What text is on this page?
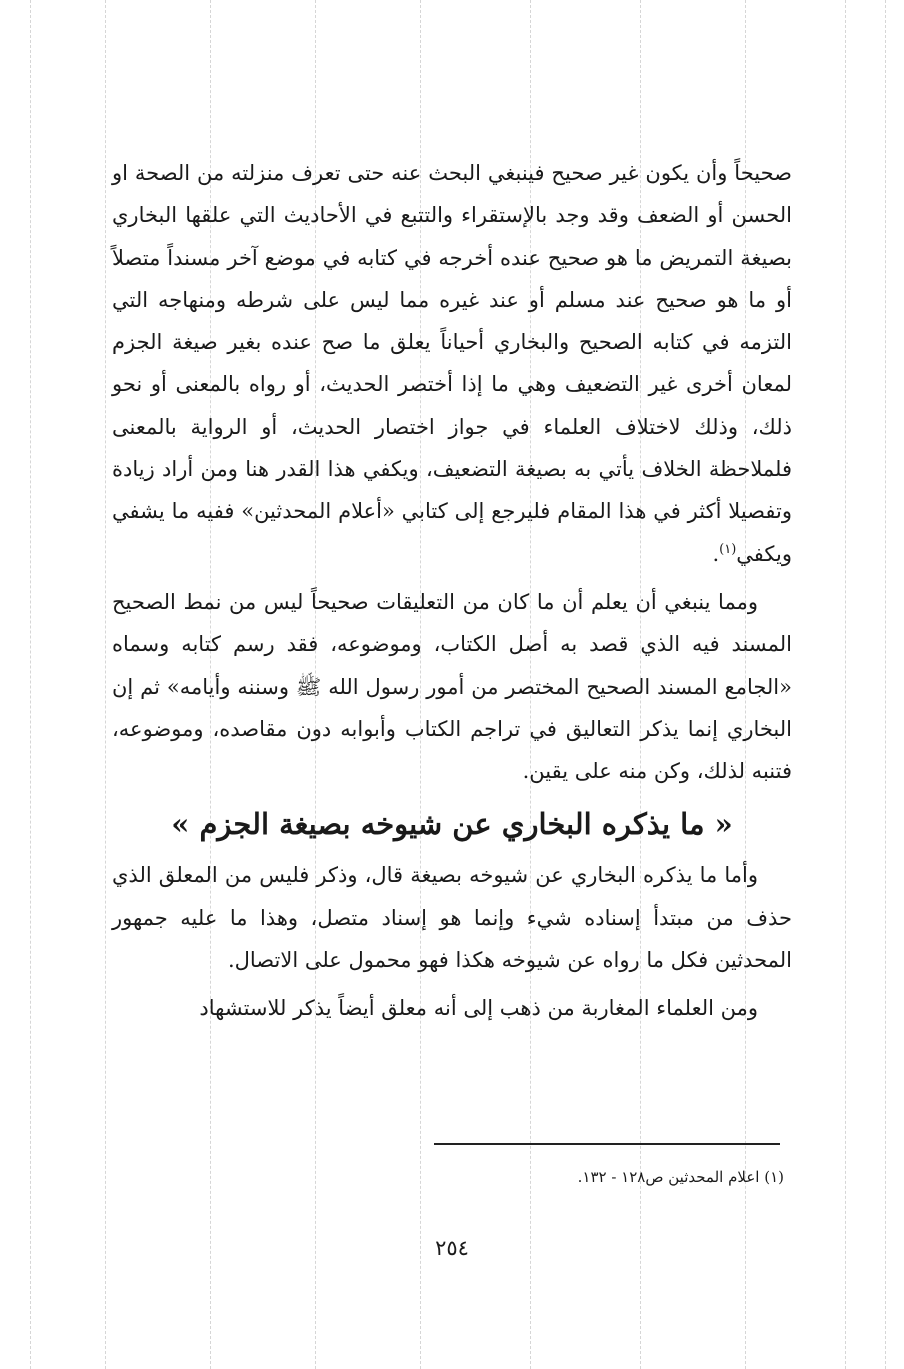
صحيحاً وأن يكون غير صحيح فينبغي البحث عنه حتى تعرف منزلته من الصحة او الحسن أو الضعف وقد وجد بالإستقراء والتتبع في الأحاديث التي علقها البخاري بصيغة التمريض ما هو صحيح عنده أخرجه في كتابه في موضع آخر مسنداً متصلاً أو ما هو صحيح عند مسلم أو عند غيره مما ليس على شرطه ومنهاجه التي التزمه في كتابه الصحيح والبخاري أحياناً يعلق ما صح عنده بغير صيغة الجزم لمعان أخرى غير التضعيف وهي ما إذا أختصر الحديث، أو رواه بالمعنى أو نحو ذلك، وذلك لاختلاف العلماء في جواز اختصار الحديث، أو الرواية بالمعنى فلملاحظة الخلاف يأتي به بصيغة التضعيف، ويكفي هذا القدر هنا ومن أراد زيادة وتفصيلا أكثر في هذا المقام فليرجع إلى كتابي «أعلام المحدثين» ففيه ما يشفي ويكفي$^{(١)}$.

ومما ينبغي أن يعلم أن ما كان من التعليقات صحيحاً ليس من نمط الصحيح المسند فيه الذي قصد به أصل الكتاب، وموضوعه، فقد رسم كتابه وسماه «الجامع المسند الصحيح المختصر من أمور رسول الله ﷺ وسننه وأيامه» ثم إن البخاري إنما يذكر التعاليق في تراجم الكتاب وأبوابه دون مقاصده، وموضوعه، فتنبه لذلك، وكن منه على يقين.

« ما يذكره البخاري عن شيوخه بصيغة الجزم »

وأما ما يذكره البخاري عن شيوخه بصيغة قال، وذكر فليس من المعلق الذي حذف من مبتدأ إسناده شيء وإنما هو إسناد متصل، وهذا ما عليه جمهور المحدثين فكل ما رواه عن شيوخه هكذا فهو محمول على الاتصال.

ومن العلماء المغاربة من ذهب إلى أنه معلق أيضاً يذكر للاستشهاد

(١) اعلام المحدثين ص١٢٨ - ١٣٢.
٢٥٤
